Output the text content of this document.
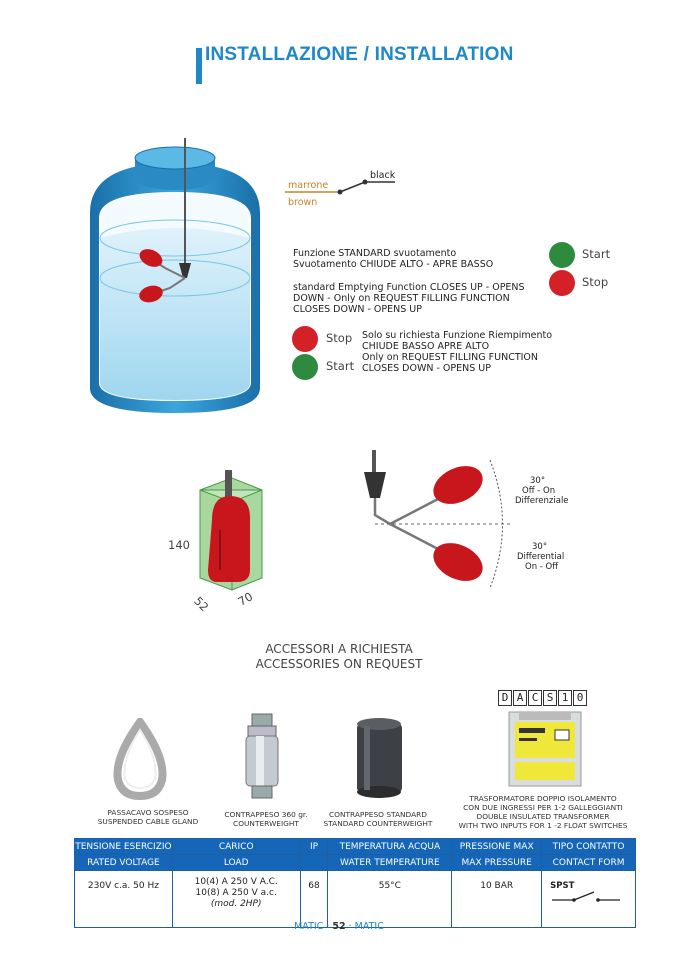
INSTALLAZIONE / INSTALLATION
marrone
brown
black
Funzione STANDARD svuotamento
Svuotamento CHIUDE ALTO - APRE BASSO
standard Emptying Function CLOSES UP - OPENS
DOWN - Only on REQUEST FILLING FUNCTION
CLOSES DOWN - OPENS UP
Start
Stop
Stop
Start
Solo su richiesta Funzione Riempimento
CHIUDE BASSO APRE ALTO
Only on REQUEST FILLING FUNCTION
CLOSES DOWN - OPENS UP
140
52 70
30°
Off - On
Differenziale
30°
Differential
On - Off
ACCESSORI A RICHIESTA
ACCESSORIES ON REQUEST
D A C S 1 0
PASSACAVO SOSPESO
SUSPENDED CABLE GLAND
CONTRAPPESO 360 gr.
COUNTERWEIGHT
CONTRAPPESO STANDARD
STANDARD COUNTERWEIGHT
TRASFORMATORE DOPPIO ISOLAMENTO
CON DUE INGRESSI PER 1-2 GALLEGGIANTI
DOUBLE INSULATED TRANSFORMER
WITH TWO INPUTS FOR 1 -2 FLOAT SWITCHES
TENSIONE ESERCIZIO	CARICO	IP	TEMPERATURA ACQUA	PRESSIONE MAX	TIPO CONTATTO
RATED VOLTAGE	LOAD		WATER TEMPERATURE	MAX PRESSURE	CONTACT FORM
230V c.a. 50 Hz	10(4) A 250 V A.C.
10(8) A 250 V a.c.
(mod. 2HP)	68	55°C	10 BAR	SPST
MATIC · 52 · MATIC
